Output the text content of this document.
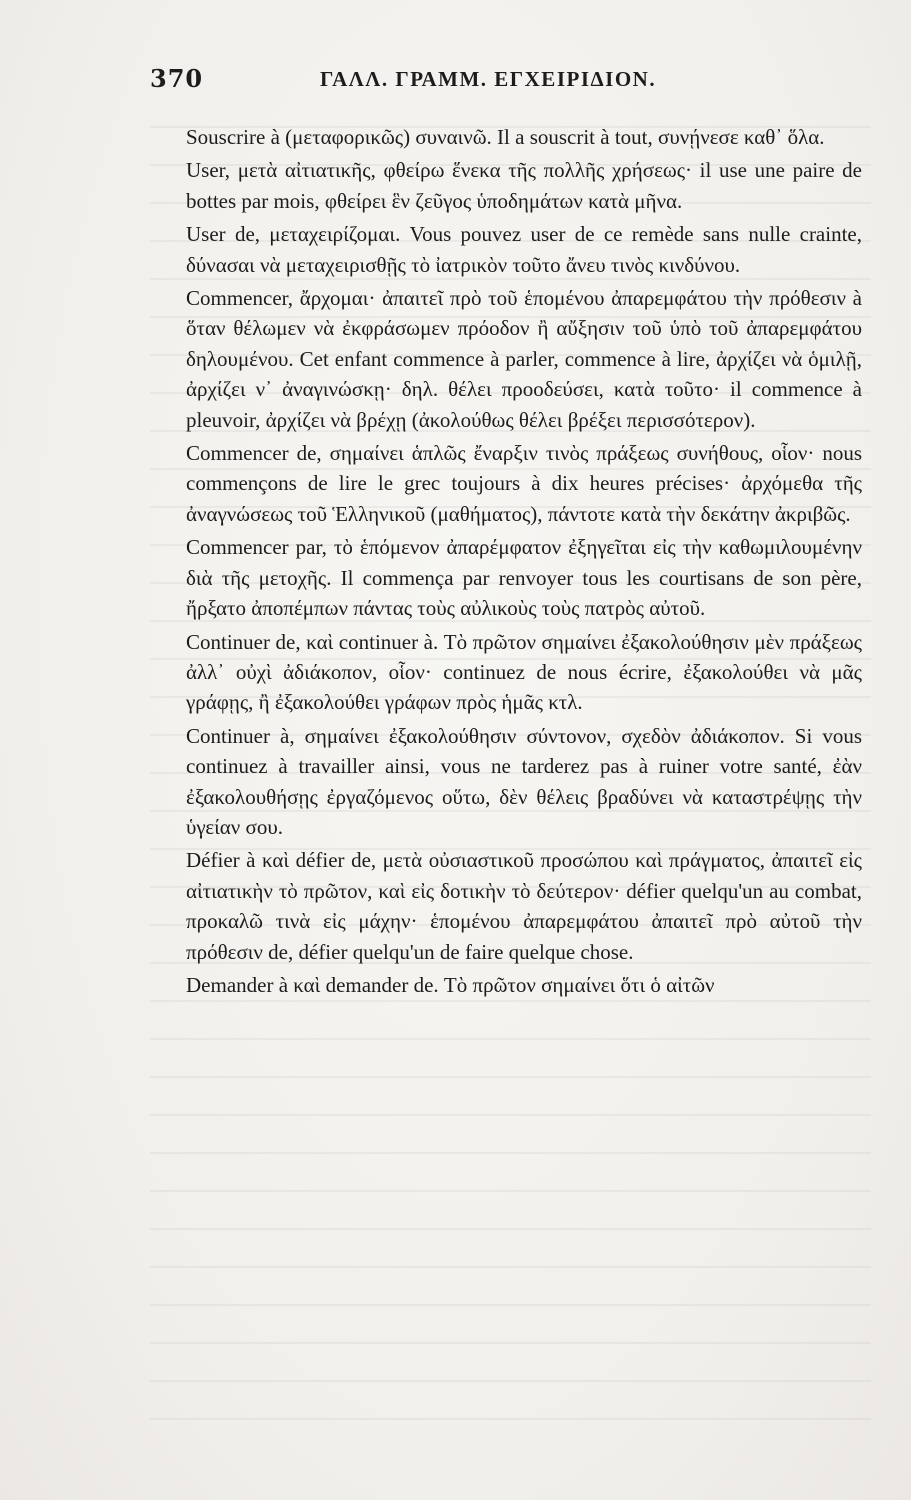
370	ΓΑΛΛ. ΓΡΑΜΜ. ΕΓΧΕΙΡΙΔΙΟΝ.

Souscrire à (μεταφορικῶς) συναινῶ. Il a souscrit à tout, συνῄνεσε καθ᾽ ὅλα.

User, μετὰ αἰτιατικῆς, φθείρω ἕνεκα τῆς πολλῆς χρήσεως· il use une paire de bottes par mois, φθείρει ἓν ζεῦγος ὑποδημάτων κατὰ μῆνα.

User de, μεταχειρίζομαι. Vous pouvez user de ce remède sans nulle crainte, δύνασαι νὰ μεταχειρισθῇς τὸ ἰατρικὸν τοῦτο ἄνευ τινὸς κινδύνου.

Commencer, ἄρχομαι· ἀπαιτεῖ πρὸ τοῦ ἑπομένου ἀπαρεμφάτου τὴν πρόθεσιν à ὅταν θέλωμεν νὰ ἐκφράσωμεν πρόοδον ἢ αὔξησιν τοῦ ὑπὸ τοῦ ἀπαρεμφάτου δηλουμένου. Cet enfant commence à parler, commence à lire, ἀρχίζει νὰ ὁμιλῇ, ἀρχίζει ν᾽ ἀναγινώσκῃ· δηλ. θέλει προοδεύσει, κατὰ τοῦτο· il commence à pleuvoir, ἀρχίζει νὰ βρέχῃ (ἀκολούθως θέλει βρέξει περισσότερον).

Commencer de, σημαίνει ἁπλῶς ἔναρξιν τινὸς πράξεως συνήθους, οἷον· nous commençons de lire le grec toujours à dix heures précises· ἀρχόμεθα τῆς ἀναγνώσεως τοῦ Ἑλληνικοῦ (μαθήματος), πάντοτε κατὰ τὴν δεκάτην ἀκριβῶς.

Commencer par, τὸ ἑπόμενον ἀπαρέμφατον ἐξηγεῖται εἰς τὴν καθωμιλουμένην διὰ τῆς μετοχῆς. Il commença par renvoyer tous les courtisans de son père, ἤρξατο ἀποπέμπων πάντας τοὺς αὐλικοὺς τοὺς πατρὸς αὐτοῦ.

Continuer de, καὶ continuer à. Τὸ πρῶτον σημαίνει ἐξακολούθησιν μὲν πράξεως ἀλλ᾽ οὐχὶ ἀδιάκοπον, οἷον· continuez de nous écrire, ἐξακολούθει νὰ μᾶς γράφῃς, ἢ ἐξακολούθει γράφων πρὸς ἡμᾶς κτλ.

Continuer à, σημαίνει ἐξακολούθησιν σύντονον, σχεδὸν ἀδιάκοπον. Si vous continuez à travailler ainsi, vous ne tarderez pas à ruiner votre santé, ἐὰν ἐξακολουθήσῃς ἐργαζόμενος οὕτω, δὲν θέλεις βραδύνει νὰ καταστρέψῃς τὴν ὑγείαν σου.

Défier à καὶ défier de, μετὰ οὐσιαστικοῦ προσώπου καὶ πράγματος, ἀπαιτεῖ εἰς αἰτιατικὴν τὸ πρῶτον, καὶ εἰς δοτικὴν τὸ δεύτερον· défier quelqu'un au combat, προκαλῶ τινὰ εἰς μάχην· ἑπομένου ἀπαρεμφάτου ἀπαιτεῖ πρὸ αὐτοῦ τὴν πρόθεσιν de, défier quelqu'un de faire quelque chose.

Demander à καὶ demander de. Τὸ πρῶτον σημαίνει ὅτι ὁ αἰτῶν
